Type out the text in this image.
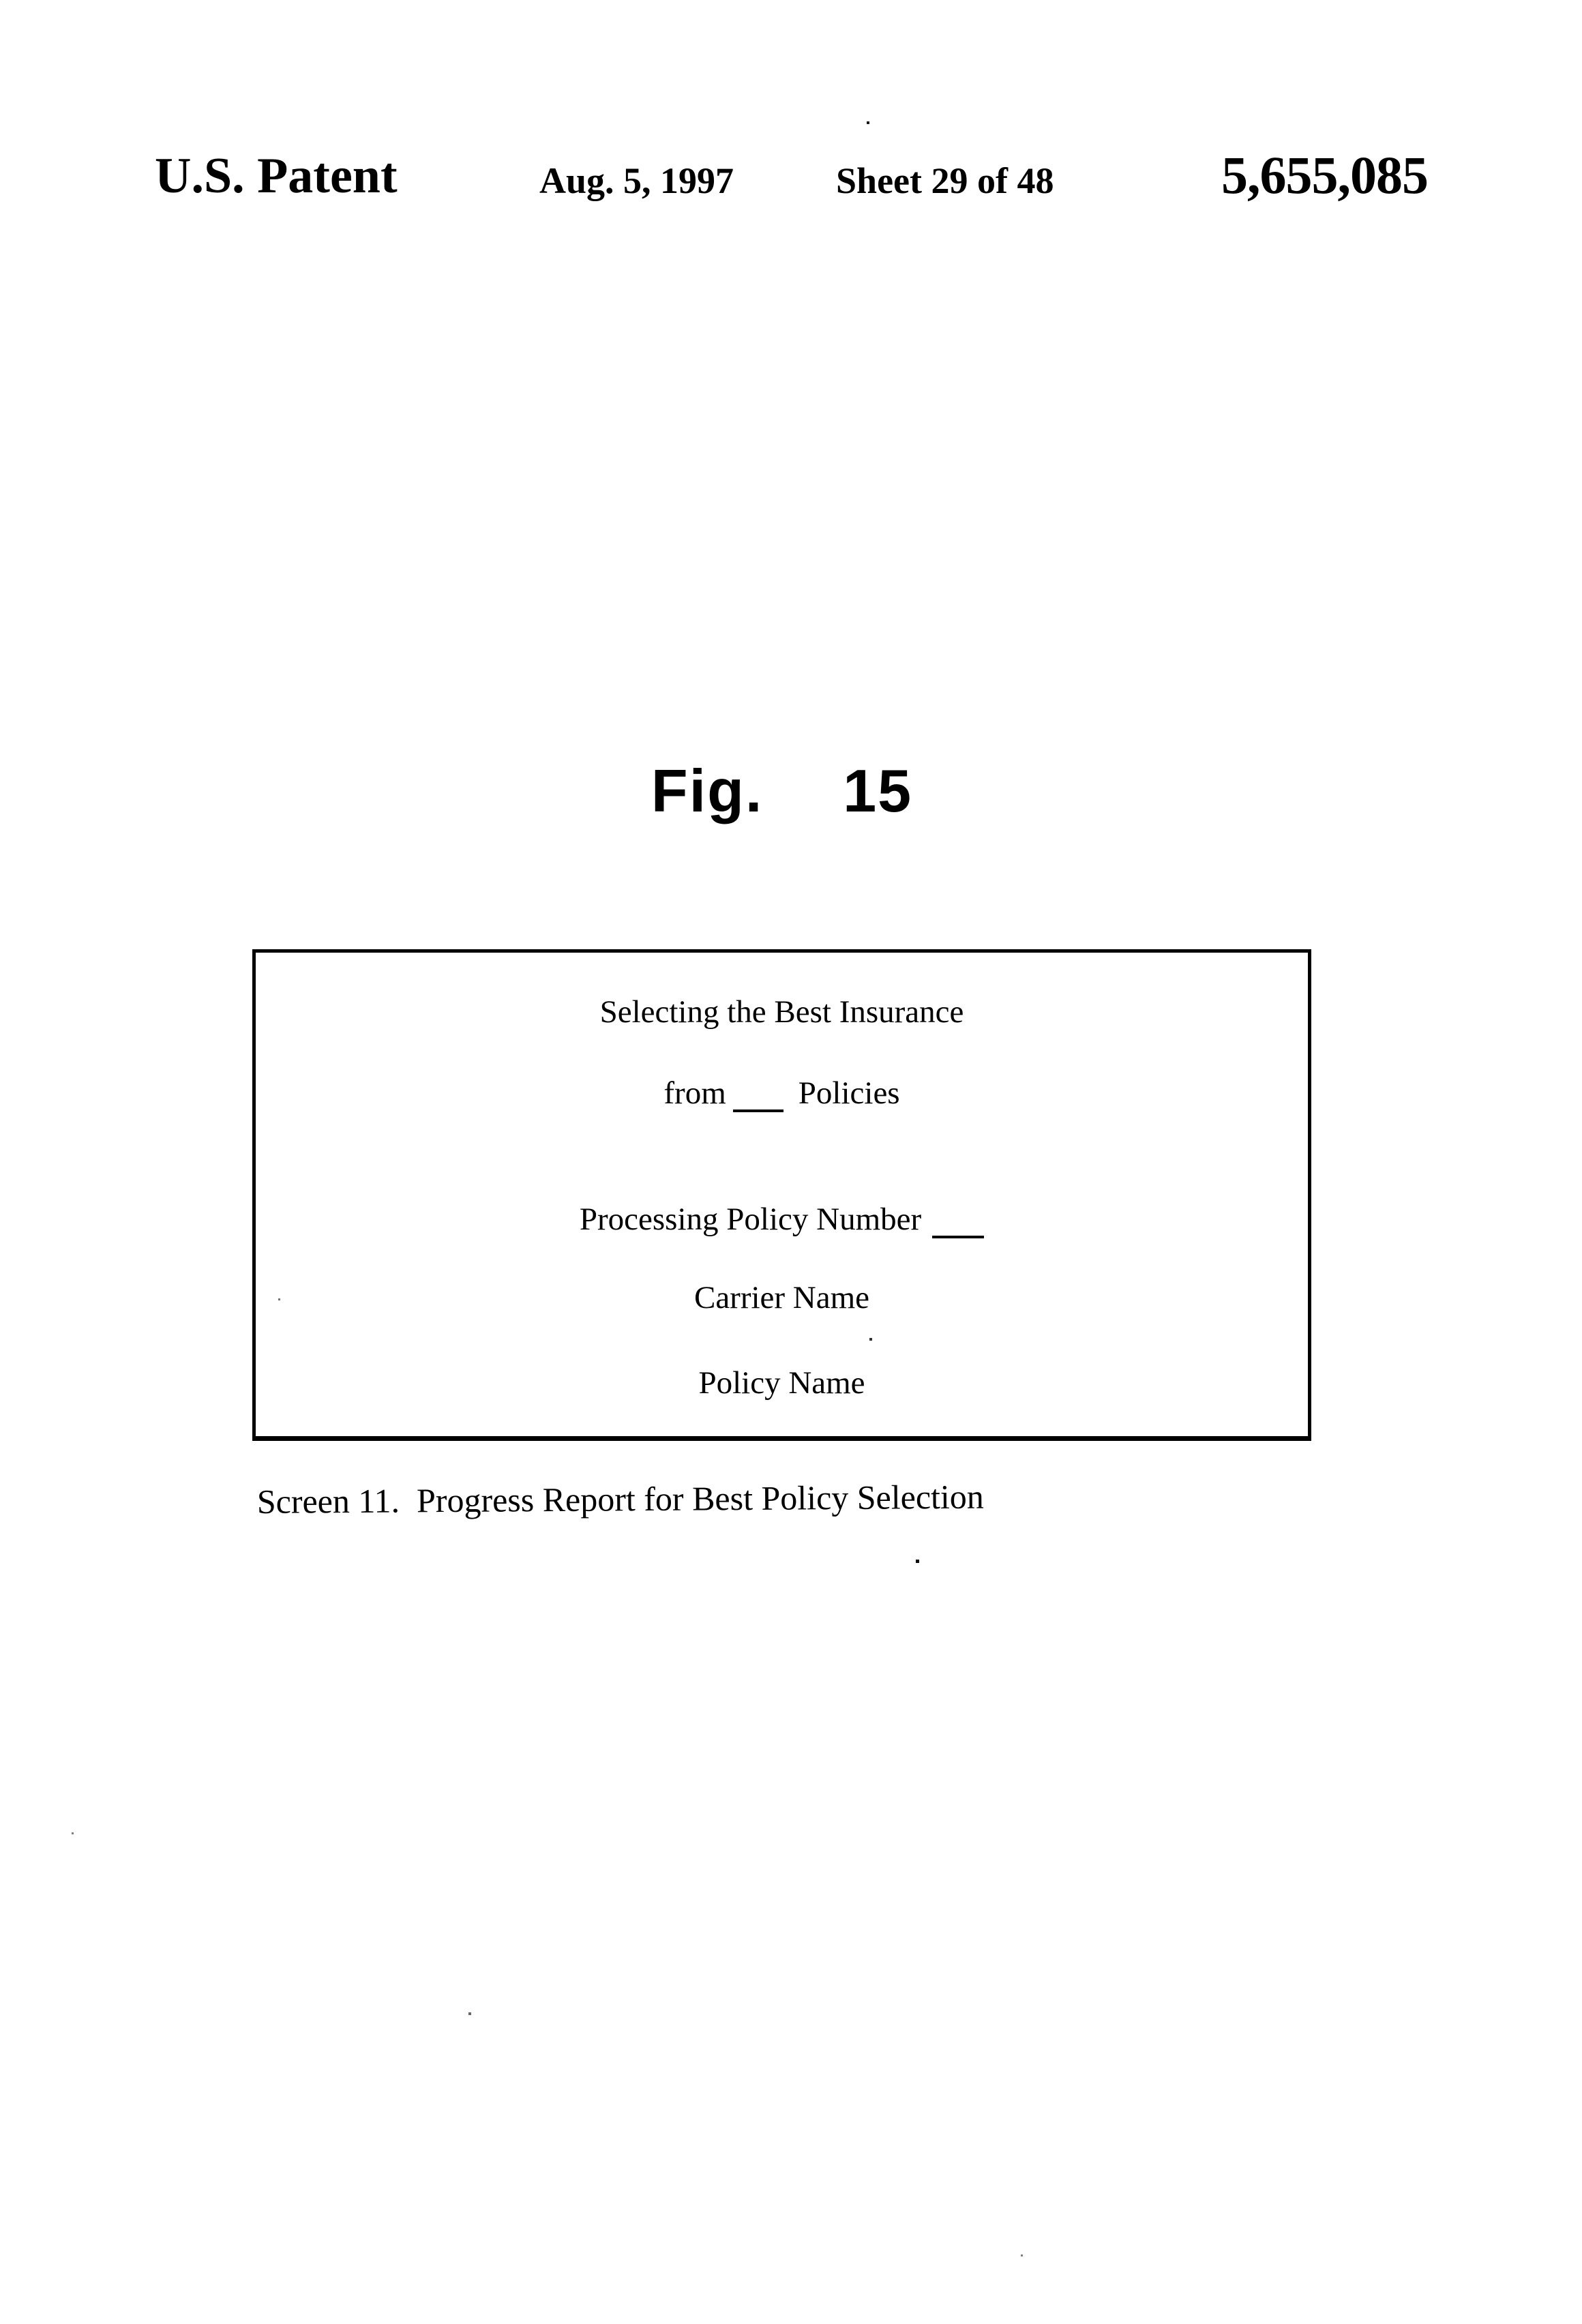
U.S. Patent	Aug. 5, 1997	Sheet 29 of 48	5,655,085
Fig.  15
Selecting the Best Insurance
from Policies
Processing Policy Number
Carrier Name
Policy Name
Screen 11.  Progress Report for Best Policy Selection
